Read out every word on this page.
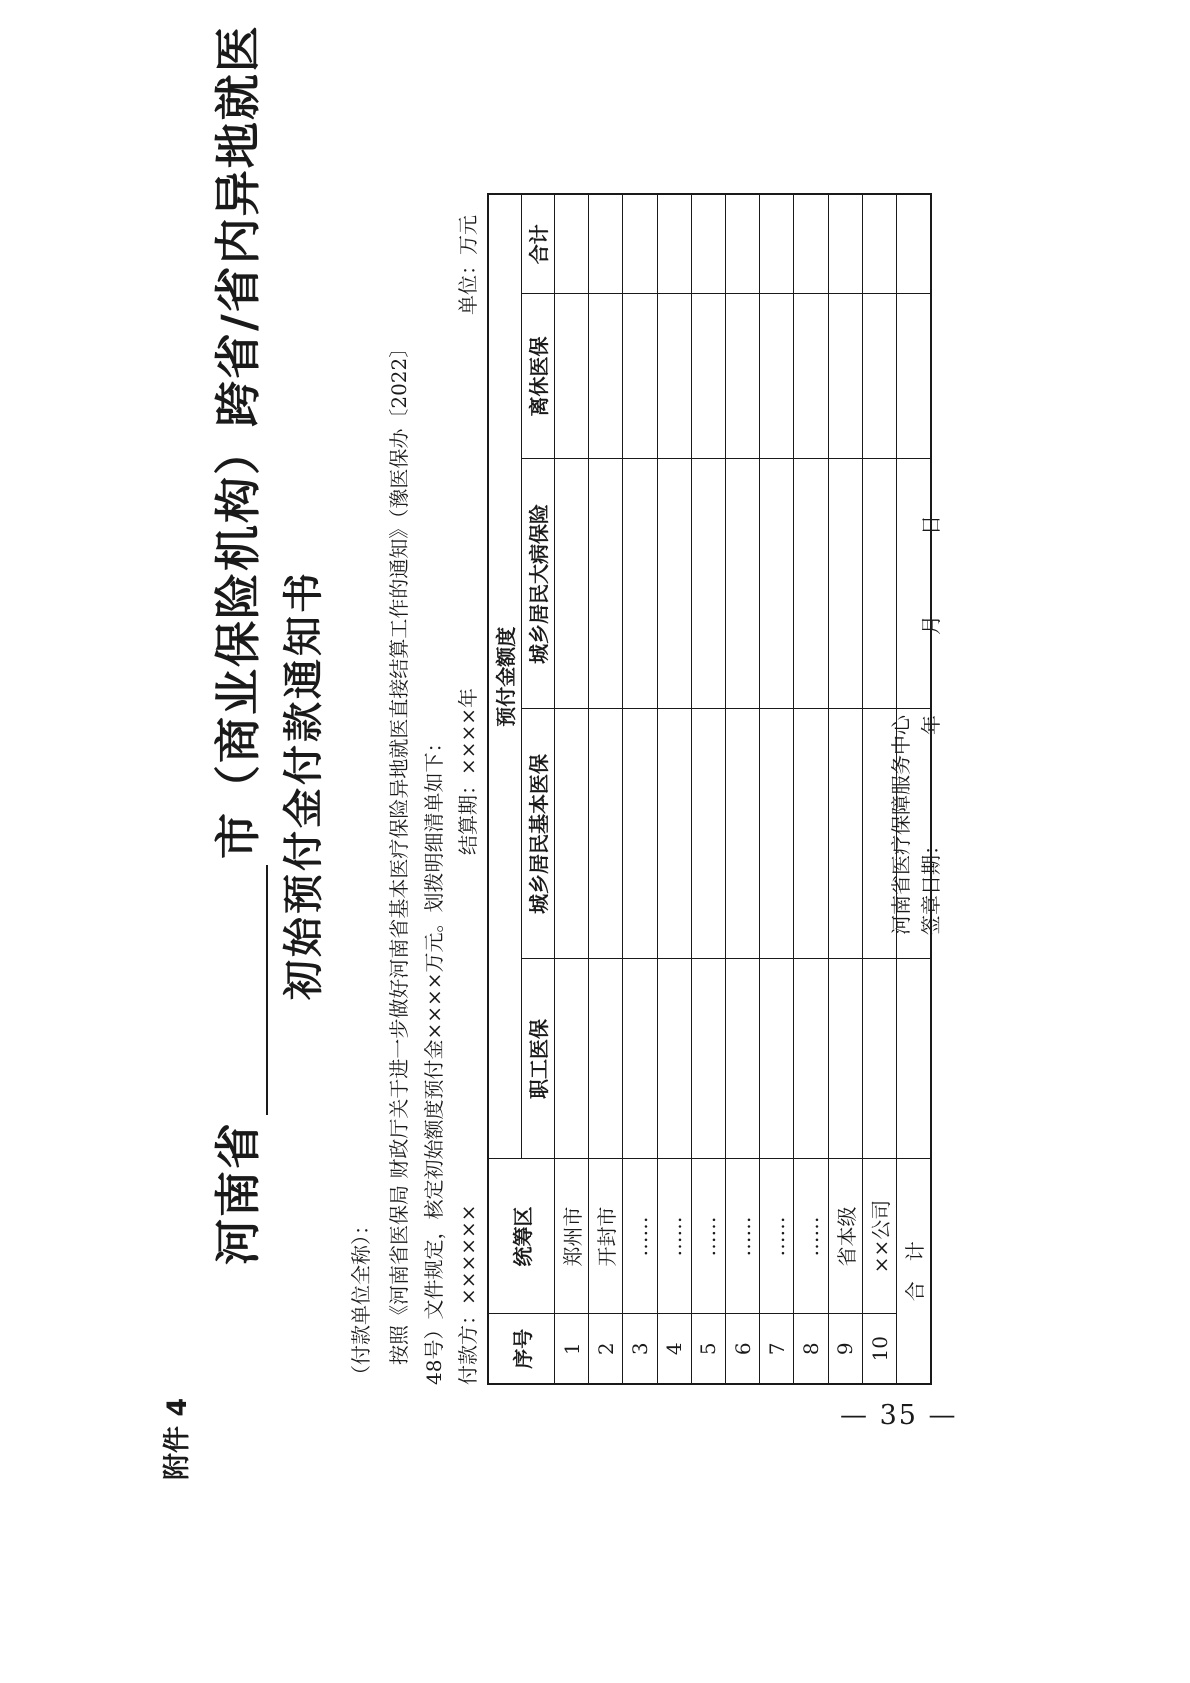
附件 4
河南省市（商业保险机构）跨省/省内异地就医 初始预付金付款通知书
（付款单位全称）： 按照《河南省医保局 财政厅关于进一步做好河南省基本医疗保险异地就医直接结算工作的通知》（豫医保办〔2022〕 48号）文件规定，核定初始额度预付金××××万元。划拨明细清单如下： 付款方：××××××
结算期：××××年
单位：万元
序号	统筹区	预付金额度				
		职工医保	城乡居民基本医保	城乡居民大病保险	离休医保	合计
1	郑州市					
2	开封市					
3	……					
4	……					
5	……					
6	……					
7	……					
8	……					
9	省本级					
10	××公司					
合　计						
河南省医疗保障服务中心 签章日期：年月日
— 35 —
